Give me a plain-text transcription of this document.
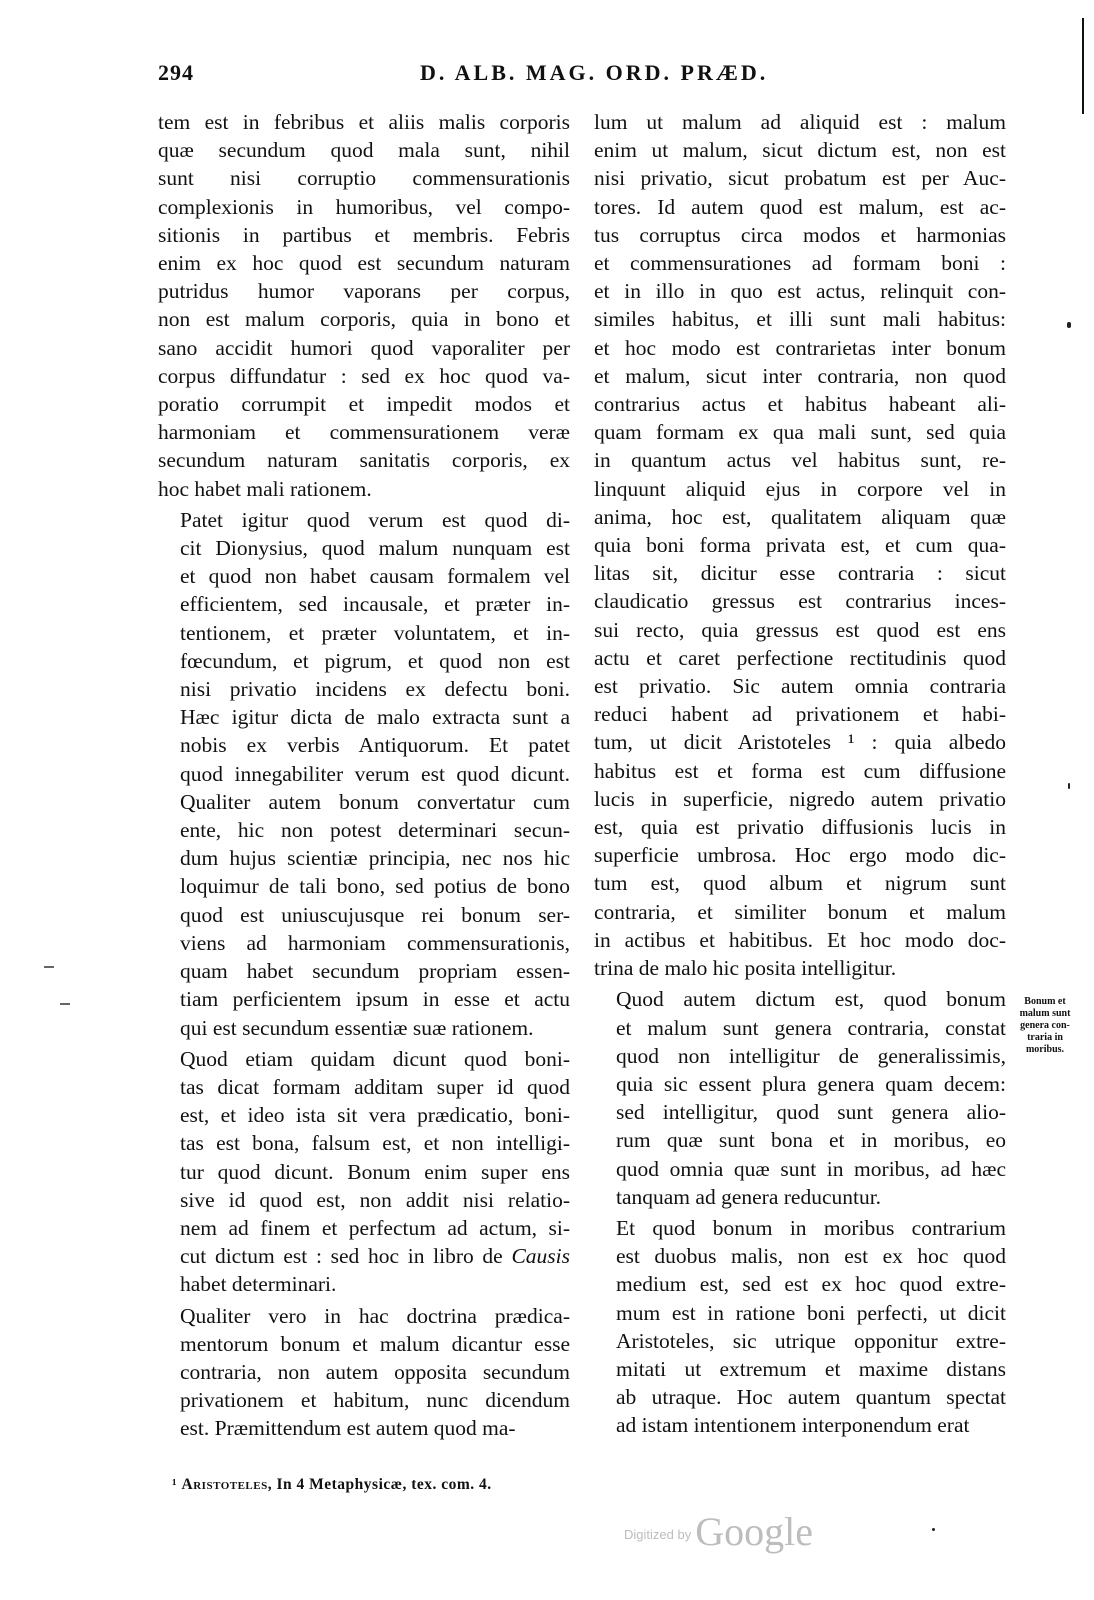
294	D. ALB. MAG. ORD. PRÆD.
tem est in febribus et aliis malis corporis
quæ secundum quod mala sunt, nihil
sunt nisi corruptio commensurationis
complexionis in humoribus, vel compo-
sitionis in partibus et membris. Febris
enim ex hoc quod est secundum naturam
putridus humor vaporans per corpus,
non est malum corporis, quia in bono et
sano accidit humori quod vaporaliter per
corpus diffundatur : sed ex hoc quod va-
poratio corrumpit et impedit modos et
harmoniam et commensurationem veræ
secundum naturam sanitatis corporis, ex
hoc habet mali rationem.
Patet igitur quod verum est quod di-
cit Dionysius, quod malum nunquam est
et quod non habet causam formalem vel
efficientem, sed incausale, et præter in-
tentionem, et præter voluntatem, et in-
fœcundum, et pigrum, et quod non est
nisi privatio incidens ex defectu boni.
Hæc igitur dicta de malo extracta sunt a
nobis ex verbis Antiquorum. Et patet
quod innegabiliter verum est quod dicunt.
Qualiter autem bonum convertatur cum
ente, hic non potest determinari secun-
dum hujus scientiæ principia, nec nos hic
loquimur de tali bono, sed potius de bono
quod est uniuscujusque rei bonum ser-
viens ad harmoniam commensurationis,
quam habet secundum propriam essen-
tiam perficientem ipsum in esse et actu
qui est secundum essentiæ suæ rationem.
Quod etiam quidam dicunt quod boni-
tas dicat formam additam super id quod
est, et ideo ista sit vera prædicatio, boni-
tas est bona, falsum est, et non intelligi-
tur quod dicunt. Bonum enim super ens
sive id quod est, non addit nisi relatio-
nem ad finem et perfectum ad actum, si-
cut dictum est : sed hoc in libro de Causis
habet determinari.
Qualiter vero in hac doctrina prædica-
mentorum bonum et malum dicantur esse
contraria, non autem opposita secundum
privationem et habitum, nunc dicendum
est. Præmittendum est autem quod ma-
lum ut malum ad aliquid est : malum
enim ut malum, sicut dictum est, non est
nisi privatio, sicut probatum est per Auc-
tores. Id autem quod est malum, est ac-
tus corruptus circa modos et harmonias
et commensurationes ad formam boni :
et in illo in quo est actus, relinquit con-
similes habitus, et illi sunt mali habitus:
et hoc modo est contrarietas inter bonum
et malum, sicut inter contraria, non quod
contrarius actus et habitus habeant ali-
quam formam ex qua mali sunt, sed quia
in quantum actus vel habitus sunt, re-
linquunt aliquid ejus in corpore vel in
anima, hoc est, qualitatem aliquam quæ
quia boni forma privata est, et cum qua-
litas sit, dicitur esse contraria : sicut
claudicatio gressus est contrarius inces-
sui recto, quia gressus est quod est ens
actu et caret perfectione rectitudinis quod
est privatio. Sic autem omnia contraria
reduci habent ad privationem et habi-
tum, ut dicit Aristoteles ¹ : quia albedo
habitus est et forma est cum diffusione
lucis in superficie, nigredo autem privatio
est, quia est privatio diffusionis lucis in
superficie umbrosa. Hoc ergo modo dic-
tum est, quod album et nigrum sunt
contraria, et similiter bonum et malum
in actibus et habitibus. Et hoc modo doc-
trina de malo hic posita intelligitur.
Quod autem dictum est, quod bonum
et malum sunt genera contraria, constat
quod non intelligitur de generalissimis,
quia sic essent plura genera quam decem:
sed intelligitur, quod sunt genera alio-
rum quæ sunt bona et in moribus, eo
quod omnia quæ sunt in moribus, ad hæc
tanquam ad genera reducuntur.
Et quod bonum in moribus contrarium
est duobus malis, non est ex hoc quod
medium est, sed est ex hoc quod extre-
mum est in ratione boni perfecti, ut dicit
Aristoteles, sic utrique opponitur extre-
mitati ut extremum et maxime distans
ab utraque. Hoc autem quantum spectat
ad istam intentionem interponendum erat
Bonum et
malum sunt
genera con-
traria in
moribus.
¹ Aristoteles, In 4 Metaphysicæ, tex. com. 4.
$^{Digitized by}$ Google
